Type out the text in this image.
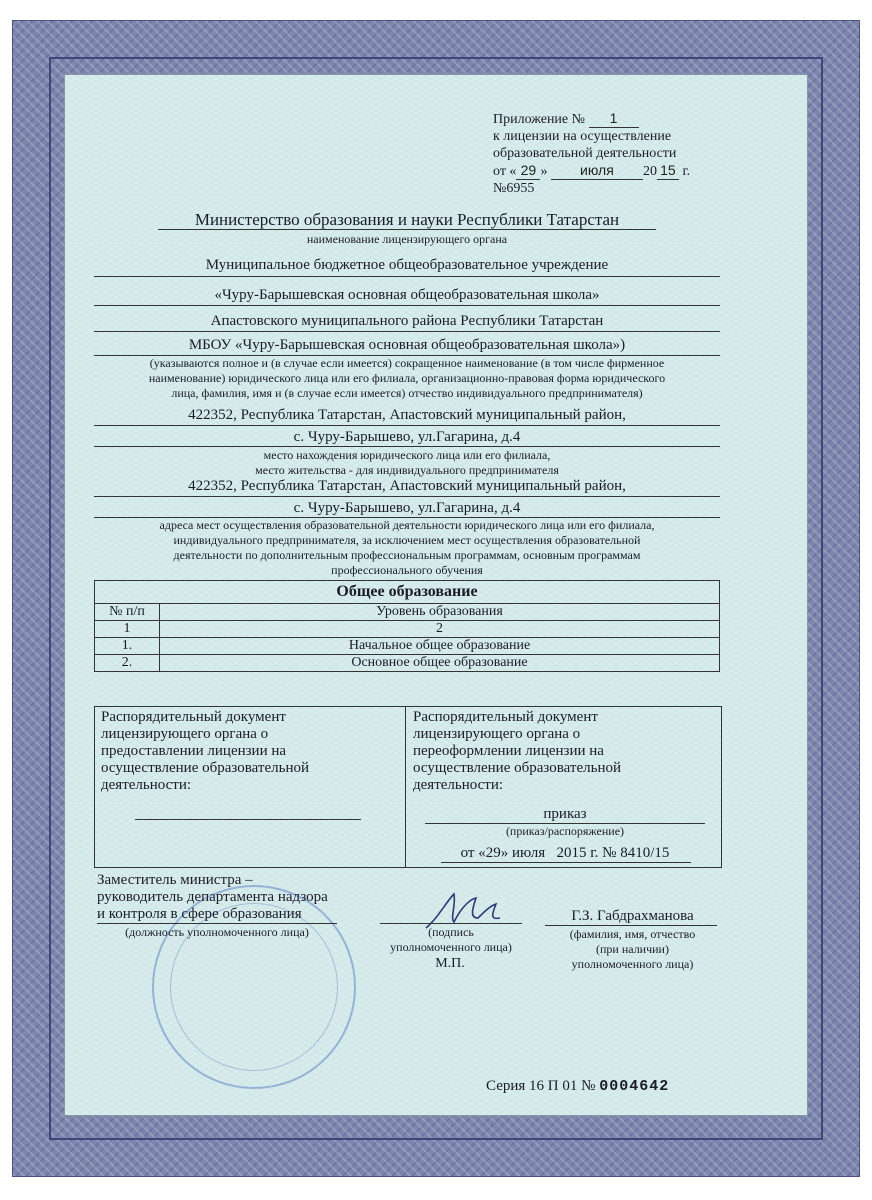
Приложение № 1
к лицензии на осуществление
образовательной деятельности
от « 29 » июля 20 15 г.
№6955
Министерство образования и науки Республики Татарстан
наименование лицензирующего органа
Муниципальное бюджетное общеобразовательное учреждение
«Чуру-Барышевская основная общеобразовательная школа»
Апастовского муниципального района Республики Татарстан
МБОУ «Чуру-Барышевская основная общеобразовательная школа»)
(указываются полное и (в случае если имеется) сокращенное наименование (в том числе фирменное
наименование) юридического лица или его филиала, организационно-правовая форма юридического
лица, фамилия, имя и (в случае если имеется) отчество индивидуального предпринимателя)
422352, Республика Татарстан, Апастовский муниципальный район,
с. Чуру-Барышево, ул.Гагарина, д.4
место нахождения юридического лица или его филиала,
место жительства - для индивидуального предпринимателя
422352, Республика Татарстан, Апастовский муниципальный район,
с. Чуру-Барышево, ул.Гагарина, д.4
адреса мест осуществления образовательной деятельности юридического лица или его филиала,
индивидуального предпринимателя, за исключением мест осуществления образовательной
деятельности по дополнительным профессиональным программам, основным программам
профессионального обучения
Общее образование	
№ п/п	Уровень образования
1	2
1.	Начальное общее образование
2.	Основное общее образование
Распорядительный документ
лицензирующего органа о
предоставлении лицензии на
осуществление образовательной
деятельности:
Распорядительный документ
лицензирующего органа о
переоформлении лицензии на
осуществление образовательной
деятельности:
приказ
(приказ/распоряжение)
от «29» июля   2015 г. № 8410/15
Заместитель министра –
руководитель департамента надзора
и контроля в сфере образования
(должность уполномоченного лица)	(подпись
уполномоченного лица)
М.П.
Г.З. Габдрахманова
(фамилия, имя, отчество
(при наличии)
уполномоченного лица)
Серия 16 П 01 № 0004642
